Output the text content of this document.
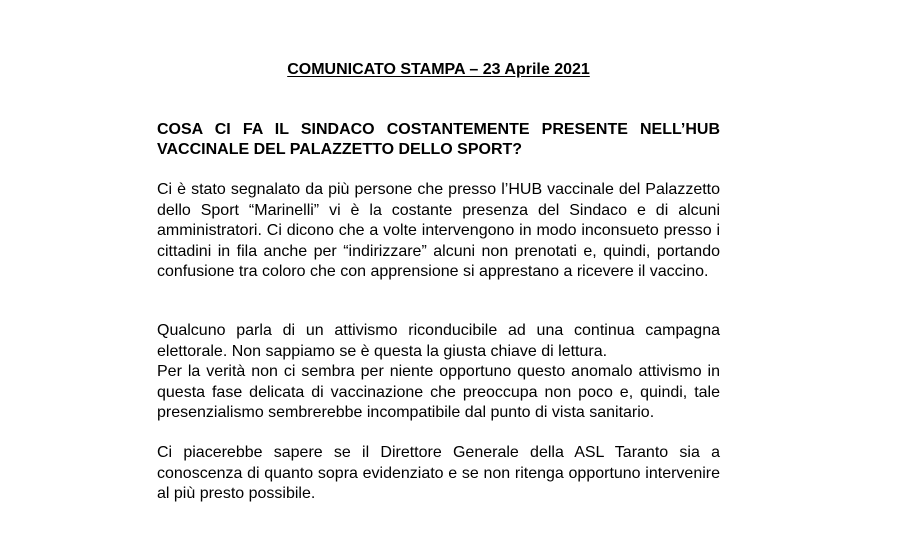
COMUNICATO STAMPA – 23 Aprile 2021
COSA CI FA IL SINDACO COSTANTEMENTE PRESENTE NELL’HUB VACCINALE DEL PALAZZETTO DELLO SPORT?

Ci è stato segnalato da più persone che presso l’HUB vaccinale del Palazzetto dello Sport “Marinelli” vi è la costante presenza del Sindaco e di alcuni amministratori. Ci dicono che a volte intervengono in modo inconsueto presso i cittadini in fila anche per “indirizzare” alcuni non prenotati e, quindi, portando confusione tra coloro che con apprensione si apprestano a ricevere il vaccino.

Qualcuno parla di un attivismo riconducibile ad una continua campagna elettorale. Non sappiamo se è questa la giusta chiave di lettura.

Per la verità non ci sembra per niente opportuno questo anomalo attivismo in questa fase delicata di vaccinazione che preoccupa non poco e, quindi, tale presenzialismo sembrerebbe incompatibile dal punto di vista sanitario.

Ci piacerebbe sapere se il Direttore Generale della ASL Taranto sia a conoscenza di quanto sopra evidenziato e se non ritenga opportuno intervenire al più presto possibile.
